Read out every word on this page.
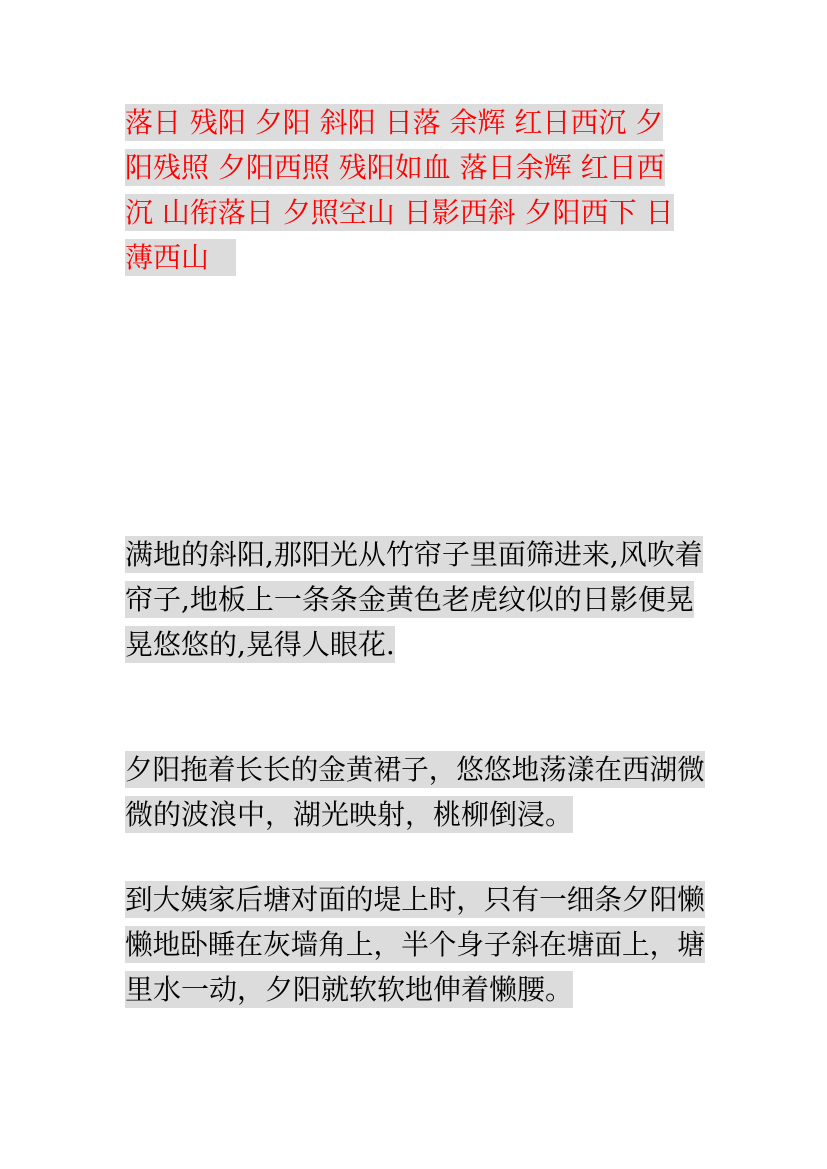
落日 残阳 夕阳 斜阳 日落 余辉 红日西沉 夕
阳残照 夕阳西照 残阳如血 落日余辉 红日西
沉 山衔落日 夕照空山 日影西斜 夕阳西下 日
薄西山
满地的斜阳,那阳光从竹帘子里面筛进来,风吹着
帘子,地板上一条条金黄色老虎纹似的日影便晃
晃悠悠的,晃得人眼花.
夕阳拖着长长的金黄裙子，悠悠地荡漾在西湖微
微的波浪中，湖光映射，桃柳倒浸。
到大姨家后塘对面的堤上时，只有一细条夕阳懒
懒地卧睡在灰墙角上，半个身子斜在塘面上，塘
里水一动，夕阳就软软地伸着懒腰。
